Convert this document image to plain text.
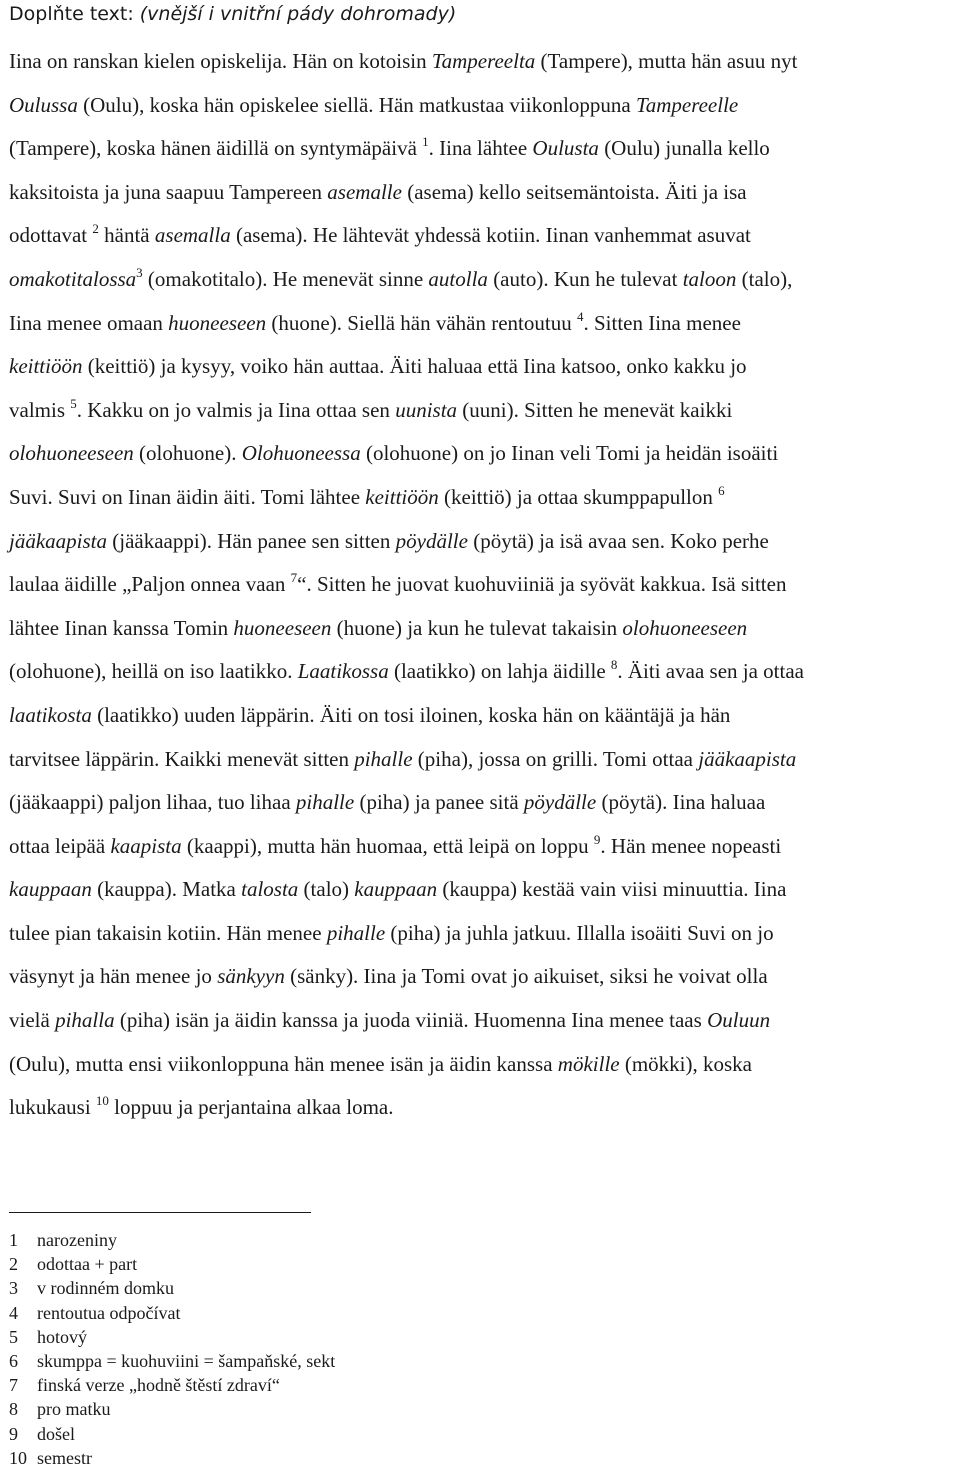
Doplňte text: (vnější i vnitřní pády dohromady)
Iina on ranskan kielen opiskelija. Hän on kotoisin Tampereelta (Tampere), mutta hän asuu nyt
Oulussa (Oulu), koska hän opiskelee siellä. Hän matkustaa viikonloppuna Tampereelle
(Tampere), koska hänen äidillä on syntymäpäivä $^1$. Iina lähtee Oulusta (Oulu) junalla kello
kaksitoista ja juna saapuu Tampereen asemalle (asema) kello seitsemäntoista. Äiti ja isa
odottavat $^2$ häntä asemalla (asema). He lähtevät yhdessä kotiin. Iinan vanhemmat asuvat
omakotitalossa$^3$ (omakotitalo). He menevät sinne autolla (auto). Kun he tulevat taloon (talo),
Iina menee omaan huoneeseen (huone). Siellä hän vähän rentoutuu $^4$. Sitten Iina menee
keittiöön (keittiö) ja kysyy, voiko hän auttaa. Äiti haluaa että Iina katsoo, onko kakku jo
valmis $^5$. Kakku on jo valmis ja Iina ottaa sen uunista (uuni). Sitten he menevät kaikki
olohuoneeseen (olohuone). Olohuoneessa (olohuone) on jo Iinan veli Tomi ja heidän isoäiti
Suvi. Suvi on Iinan äidin äiti. Tomi lähtee keittiöön (keittiö) ja ottaa skumppapullon $^6$
jääkaapista (jääkaappi). Hän panee sen sitten pöydälle (pöytä) ja isä avaa sen. Koko perhe
laulaa äidille „Paljon onnea vaan $^7$“. Sitten he juovat kuohuviiniä ja syövät kakkua. Isä sitten
lähtee Iinan kanssa Tomin huoneeseen (huone) ja kun he tulevat takaisin olohuoneeseen
(olohuone), heillä on iso laatikko. Laatikossa (laatikko) on lahja äidille $^8$. Äiti avaa sen ja ottaa
laatikosta (laatikko) uuden läppärin. Äiti on tosi iloinen, koska hän on kääntäjä ja hän
tarvitsee läppärin. Kaikki menevät sitten pihalle (piha), jossa on grilli. Tomi ottaa jääkaapista
(jääkaappi) paljon lihaa, tuo lihaa pihalle (piha) ja panee sitä pöydälle (pöytä). Iina haluaa
ottaa leipää kaapista (kaappi), mutta hän huomaa, että leipä on loppu $^9$. Hän menee nopeasti
kauppaan (kauppa). Matka talosta (talo) kauppaan (kauppa) kestää vain viisi minuuttia. Iina
tulee pian takaisin kotiin. Hän menee pihalle (piha) ja juhla jatkuu. Illalla isoäiti Suvi on jo
väsynyt ja hän menee jo sänkyyn (sänky). Iina ja Tomi ovat jo aikuiset, siksi he voivat olla
vielä pihalla (piha) isän ja äidin kanssa ja juoda viiniä. Huomenna Iina menee taas Ouluun
(Oulu), mutta ensi viikonloppuna hän menee isän ja äidin kanssa mökille (mökki), koska
lukukausi $^{10}$ loppuu ja perjantaina alkaa loma.
1	narozeniny
2	odottaa + part
3	v rodinném domku
4	rentoutua odpočívat
5	hotový
6	skumppa = kuohuviini = šampaňské, sekt
7	finská verze „hodně štěstí zdraví“
8	pro matku
9	došel
10 semestr
